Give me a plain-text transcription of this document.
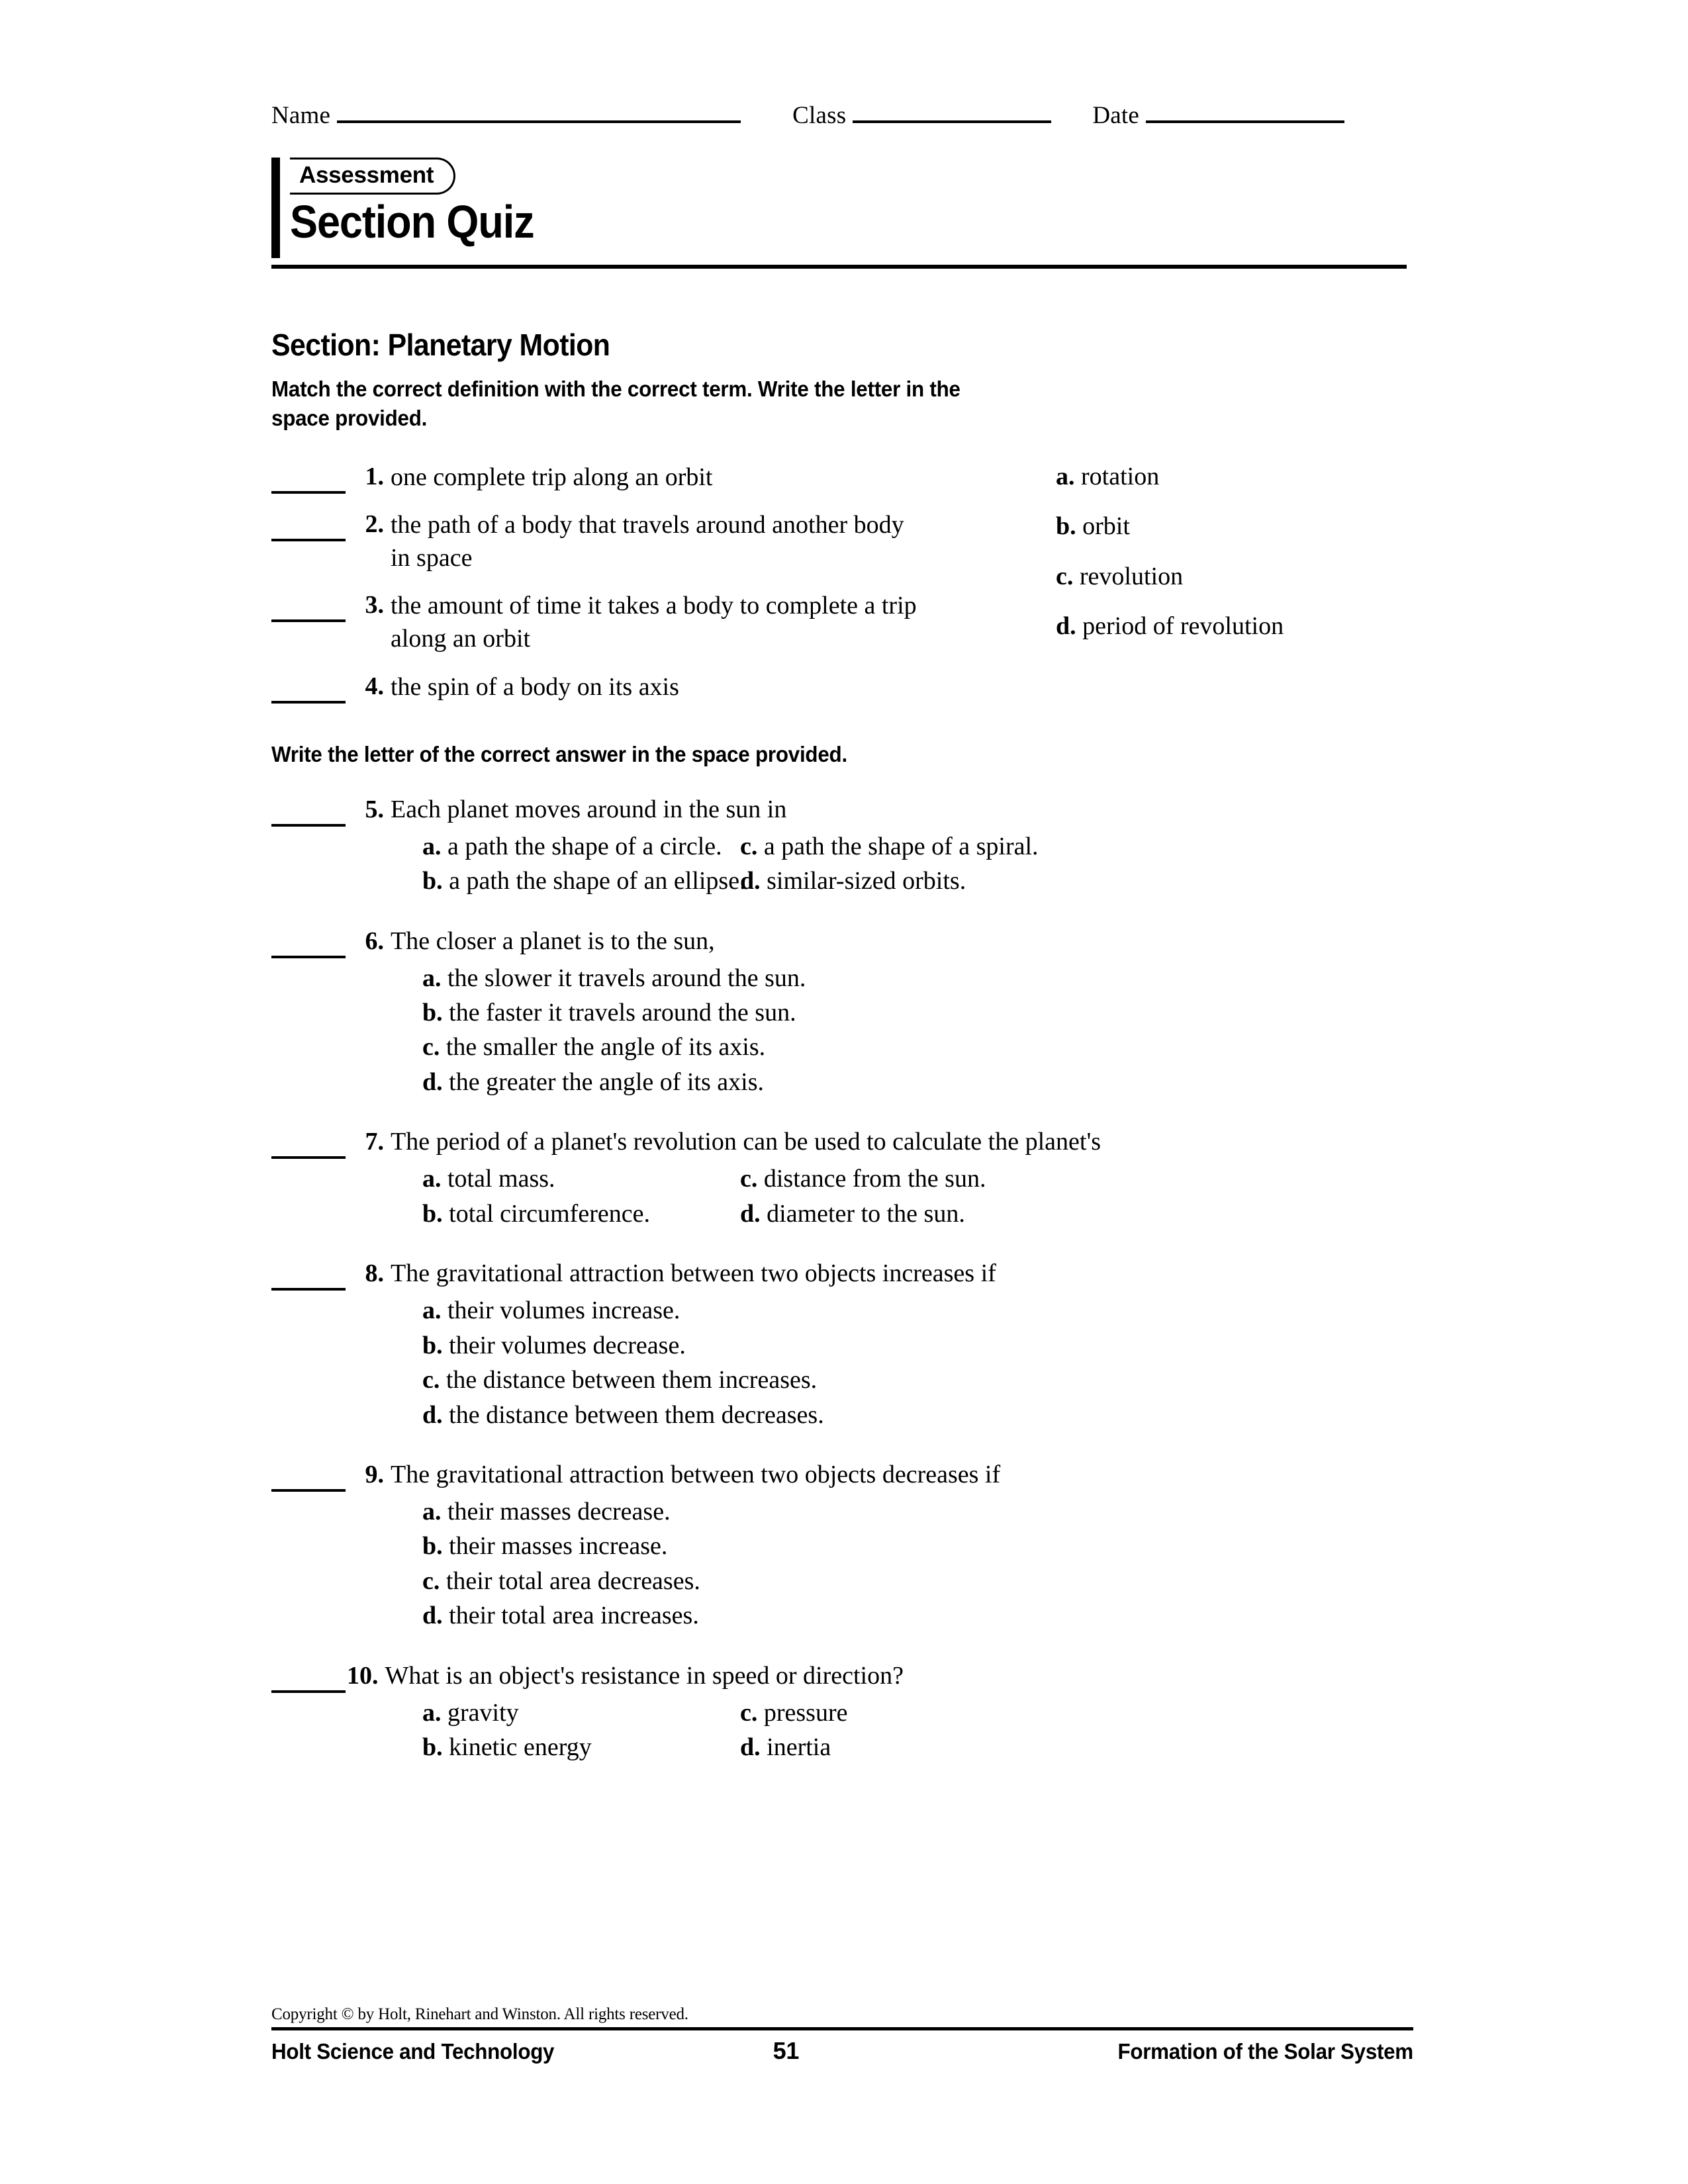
Name	Class	Date
Assessment
Section Quiz
Section: Planetary Motion
Match the correct definition with the correct term. Write the letter in the space provided.
1. one complete trip along an orbit
2. the path of a body that travels around another body in space
3. the amount of time it takes a body to complete a trip along an orbit
4. the spin of a body on its axis
a. rotation
b. orbit
c. revolution
d. period of revolution
Write the letter of the correct answer in the space provided.
5. Each planet moves around in the sun in
a. a path the shape of a circle. c. a path the shape of a spiral.
b. a path the shape of an ellipse.
d. similar-sized orbits.
6. The closer a planet is to the sun,
a. the slower it travels around the sun.
b. the faster it travels around the sun.
c. the smaller the angle of its axis.
d. the greater the angle of its axis.
7. The period of a planet's revolution can be used to calculate the planet's
a. total mass.	c. distance from the sun.
b. total circumference.	d. diameter to the sun.
8. The gravitational attraction between two objects increases if
a. their volumes increase.
b. their volumes decrease.
c. the distance between them increases.
d. the distance between them decreases.
9. The gravitational attraction between two objects decreases if
a. their masses decrease.
b. their masses increase.
c. their total area decreases.
d. their total area increases.
10. What is an object's resistance in speed or direction?
a. gravity	c. pressure
b. kinetic energy	d. inertia
Copyright © by Holt, Rinehart and Winston. All rights reserved.
Holt Science and Technology	51	Formation of the Solar System
